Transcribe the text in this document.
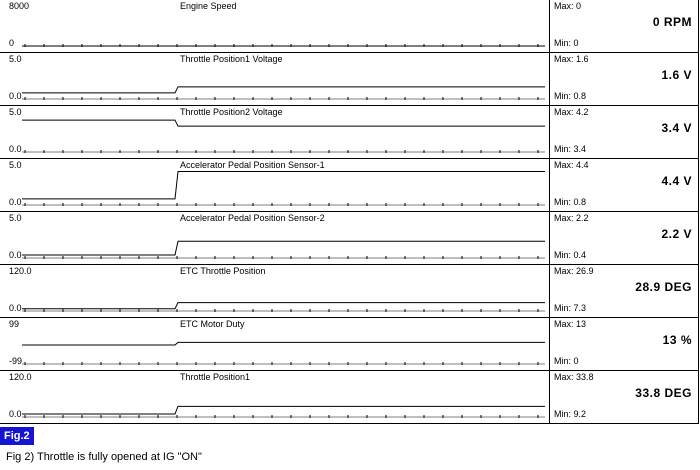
8000
0
Engine Speed	Max: 0
Min: 0
0 RPM
5.0
0.0
Throttle Position1 Voltage	Max: 1.6
Min: 0.8
1.6 V
5.0
0.0
Throttle Position2 Voltage	Max: 4.2
Min: 3.4
3.4 V
5.0
0.0
Accelerator Pedal Position Sensor-1	Max: 4.4
Min: 0.8
4.4 V
5.0
0.0
Accelerator Pedal Position Sensor-2	Max: 2.2
Min: 0.4
2.2 V
120.0
0.0
ETC Throttle Position	Max: 26.9
Min: 7.3
28.9 DEG
99
-99
ETC Motor Duty	Max: 13
Min: 0
13 %
120.0
0.0
Throttle Position1	Max: 33.8
Min: 9.2
33.8 DEG
Fig.2
Fig 2) Throttle is fully opened at IG "ON"
